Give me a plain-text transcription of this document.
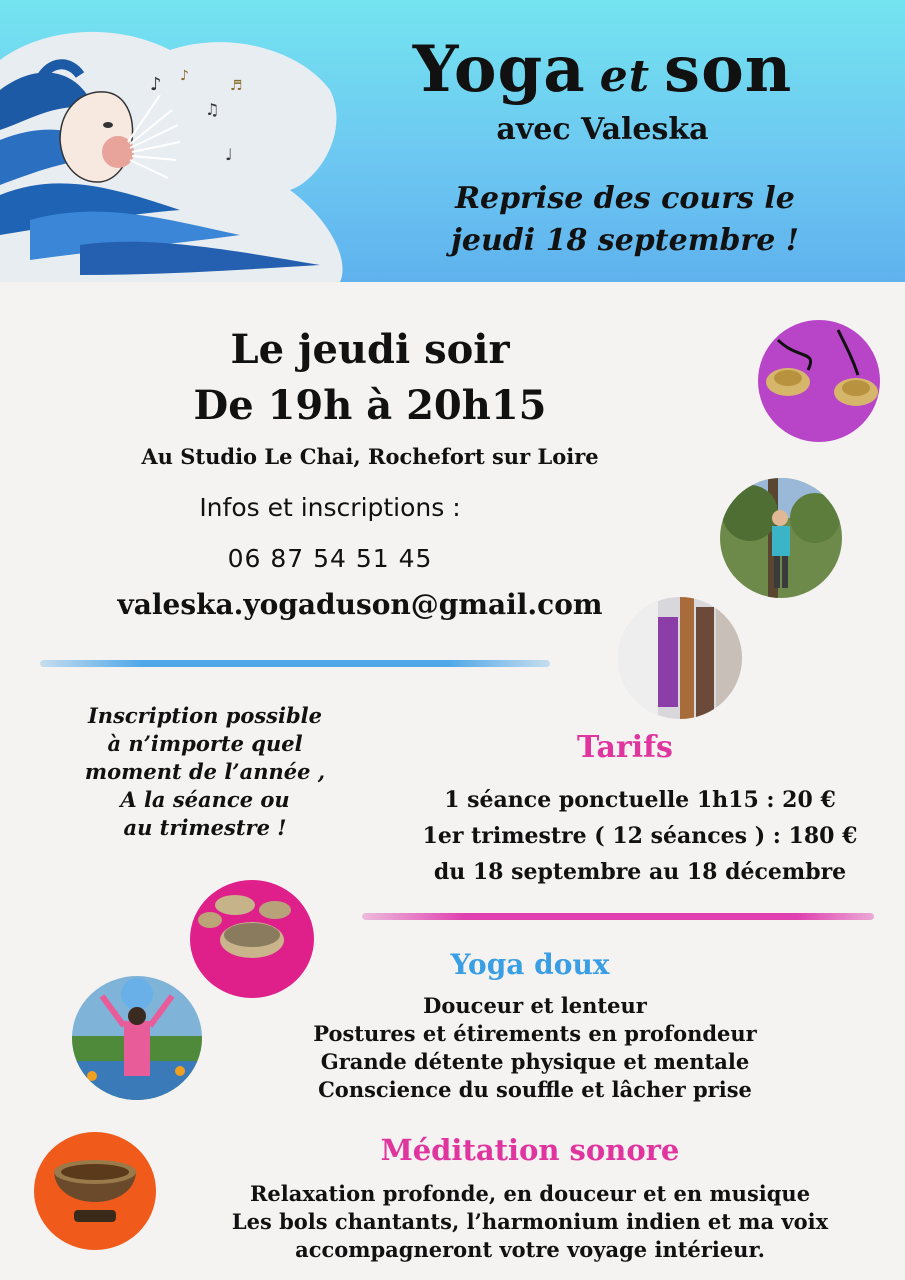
♪
♫
♩
♪
♬	Yoga et son
avec Valeska
Reprise des cours le
jeudi 18 septembre !
Le jeudi soir
De 19h à 20h15
Au Studio Le Chai, Rochefort sur Loire
Infos et inscriptions :
06 87 54 51 45
valeska.yogaduson@gmail.com
Inscription possible
à n’importe quel
moment de l’année ,
A la séance ou
au trimestre !
Tarifs
1 séance ponctuelle 1h15 : 20 €
1er trimestre ( 12 séances ) : 180 €
du 18 septembre au 18 décembre
Yoga doux
Douceur et lenteur
Postures et étirements en profondeur
Grande détente physique et mentale
Conscience du souffle et lâcher prise
Méditation sonore
Relaxation profonde, en douceur et en musique
Les bols chantants, l’harmonium indien et ma voix
accompagneront votre voyage intérieur.
